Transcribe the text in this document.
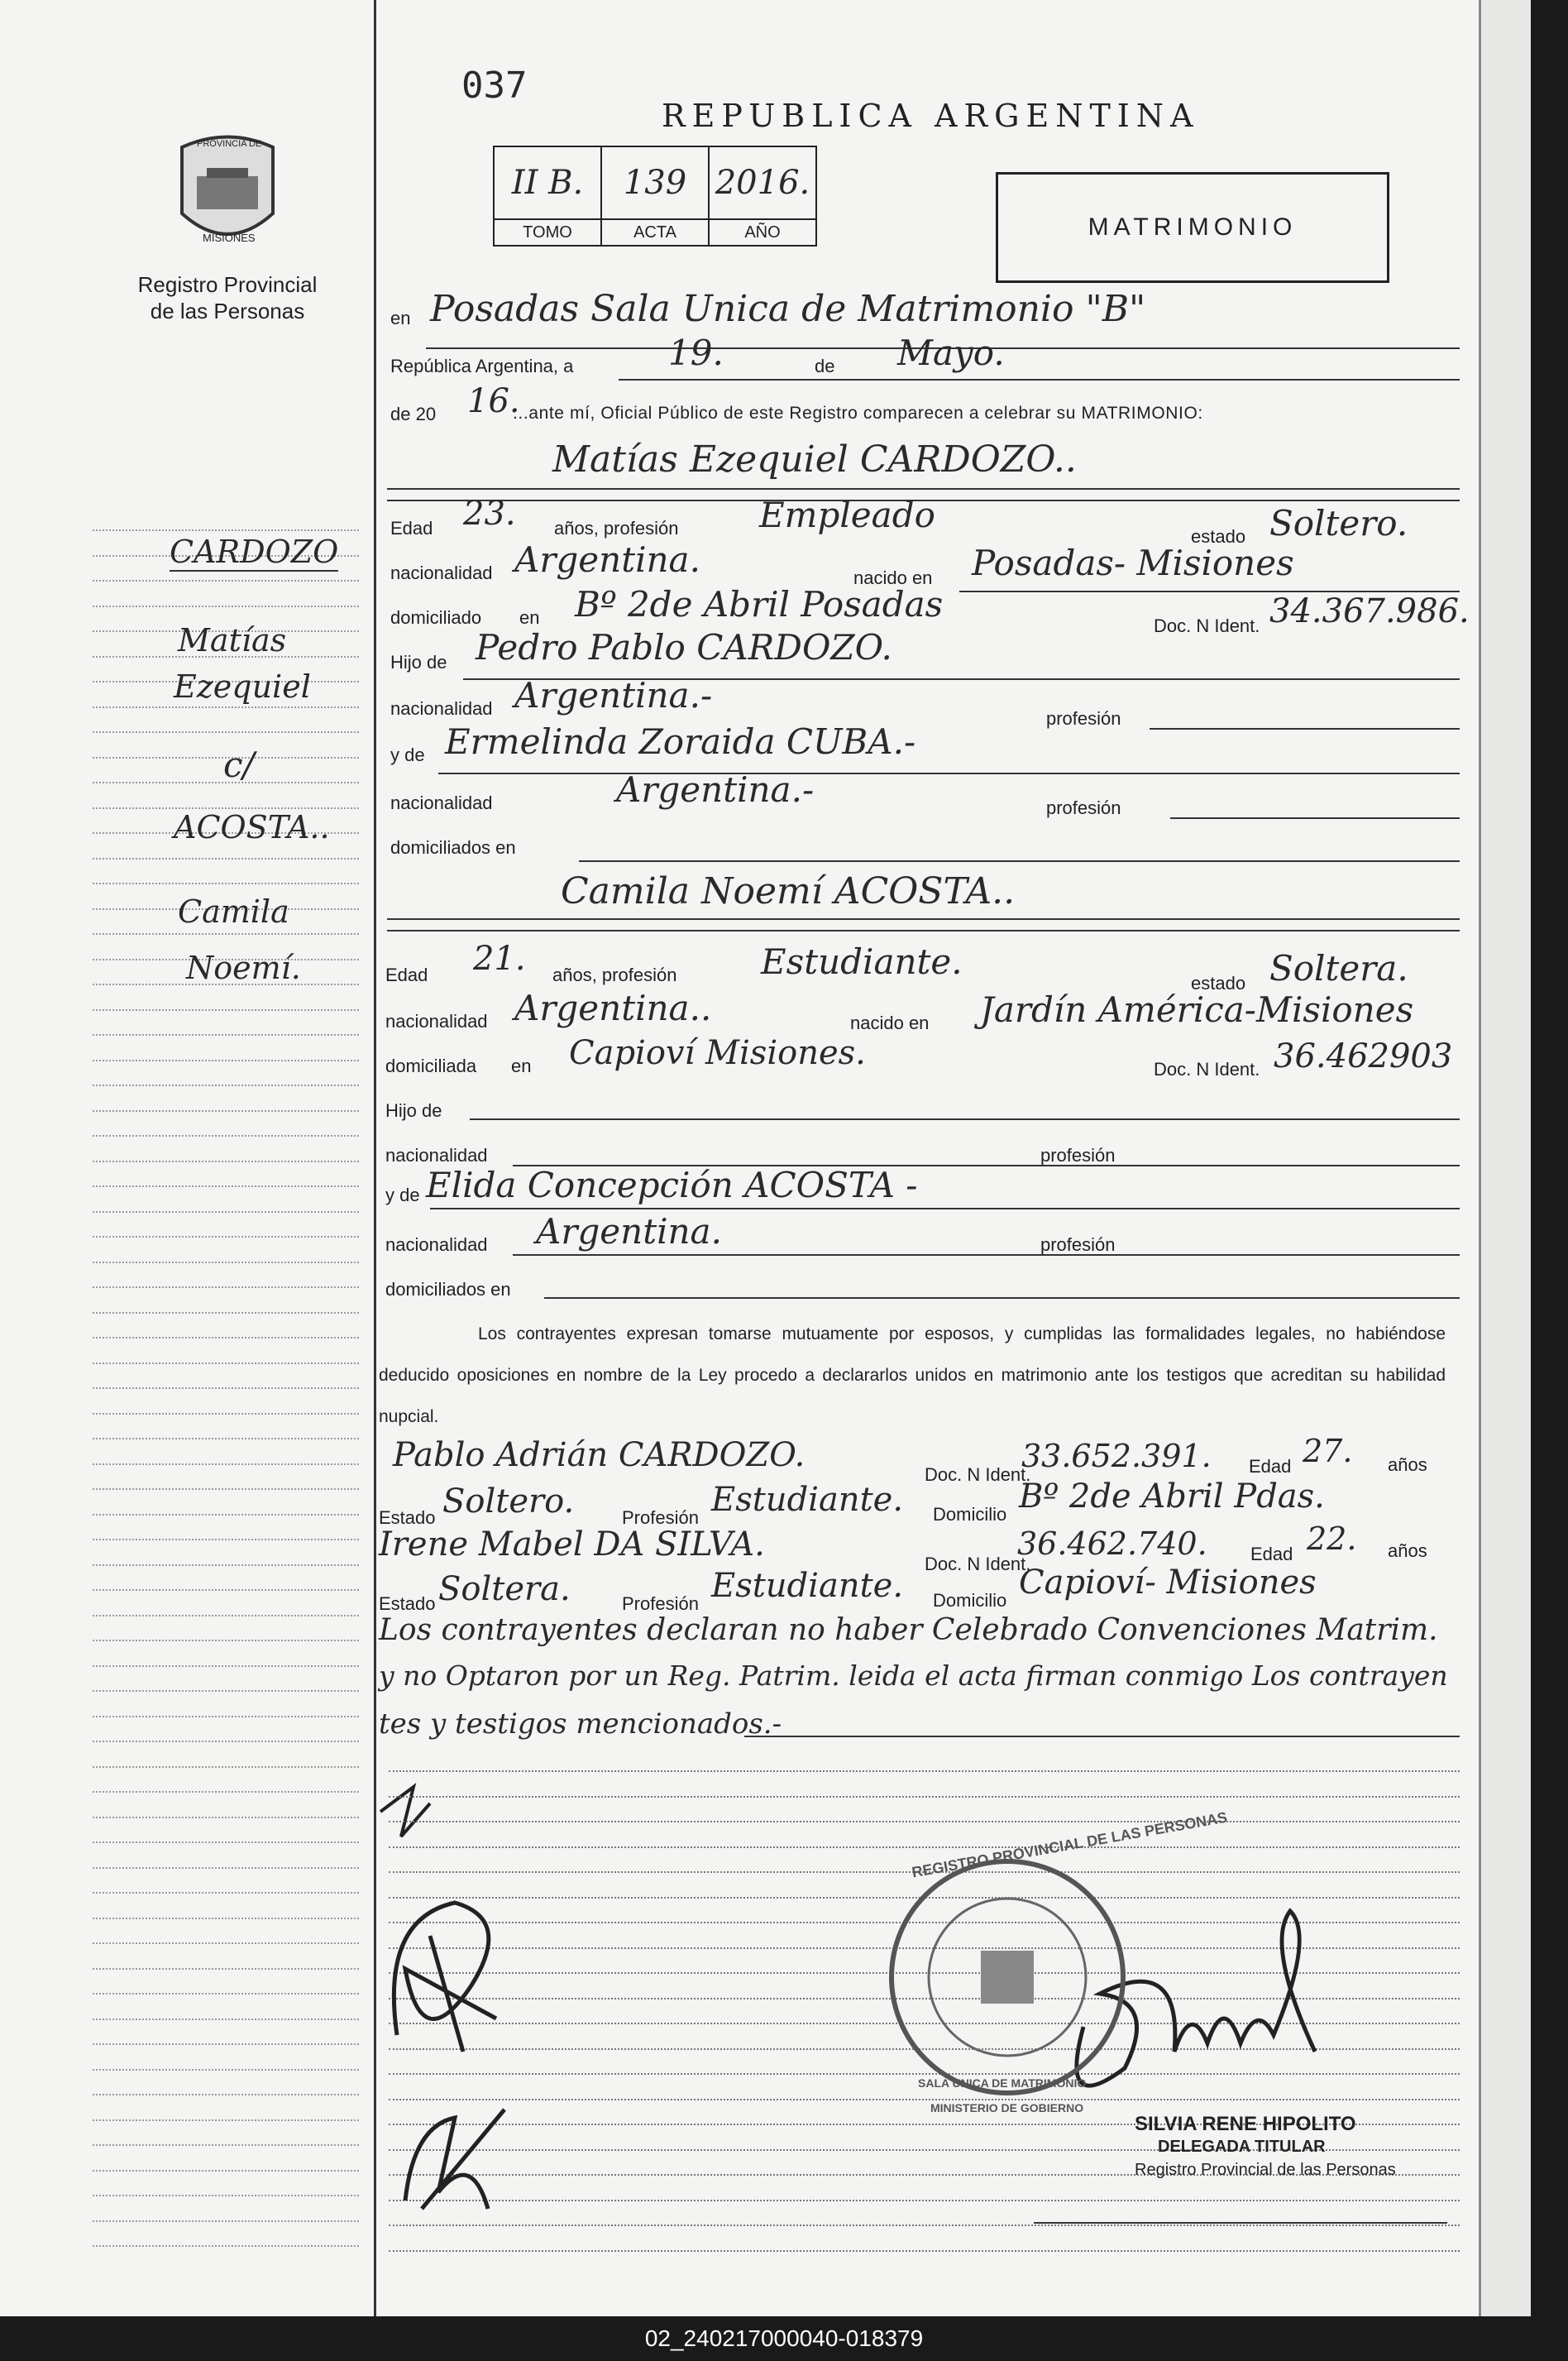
PROVINCIA DE
MISIONES
Registro Provincial
de las Personas
CARDOZO
Matías
Ezequiel
c/
ACOSTA..
Camila
Noemí.
037
REPUBLICA ARGENTINA
II B.	139	2016.
TOMO	ACTA	AÑO	MATRIMONIO
en Posadas Sala Unica de Matrimonio "B"
República Argentina, a	19.	de Mayo.
de 20 16.
...ante mí, Oficial Público de este Registro comparecen a celebrar su MATRIMONIO:
Matías Ezequiel CARDOZO..
Edad 23. años, profesión Empleado
estado Soltero.
nacionalidad Argentina.	nacido en Posadas- Misiones
domiciliado en Bº 2de Abril Posadas
Doc. N Ident. 34.367.986.
Hijo de Pedro Pablo CARDOZO.
nacionalidad Argentina.-
profesión
y de Ermelinda Zoraida CUBA.-
nacionalidad	Argentina.-	profesión
domiciliados en
Camila Noemí ACOSTA..
Edad 21. años, profesión Estudiante.
estado Soltera.
nacionalidad Argentina..	nacido en Jardín América-Misiones
domiciliada en Capioví Misiones.	Doc. N Ident. 36.462903
Hijo de
nacionalidad	profesión
y de Elida Concepción ACOSTA -
nacionalidad Argentina.	profesión
domiciliados en
Los contrayentes expresan tomarse mutuamente por esposos, y cumplidas las formalidades legales, no habiéndose deducido oposiciones en nombre de la Ley procedo a declararlos unidos en matrimonio ante los testigos que acreditan su habilidad nupcial.
Pablo Adrián CARDOZO.
Doc. N Ident.
33.652.391. Edad 27. años
Estado Soltero.	Profesión Estudiante. Domicilio Bº 2de Abril Pdas.
Irene Mabel DA SILVA.
Doc. N Ident.
36.462.740. Edad 22. años
Estado Soltera.	Profesión Estudiante. Domicilio Capioví- Misiones
Los contrayentes declaran no haber Celebrado Convenciones Matrim.
y no Optaron por un Reg. Patrim. leida el acta firman conmigo Los contrayen
tes y testigos mencionados.-
REGISTRO PROVINCIAL DE LAS PERSONAS
SALA UNICA DE MATRIMONIO
MINISTERIO DE GOBIERNO
SILVIA RENE HIPOLITO
DELEGADA TITULAR
Registro Provincial de las Personas
02_240217000040-018379
